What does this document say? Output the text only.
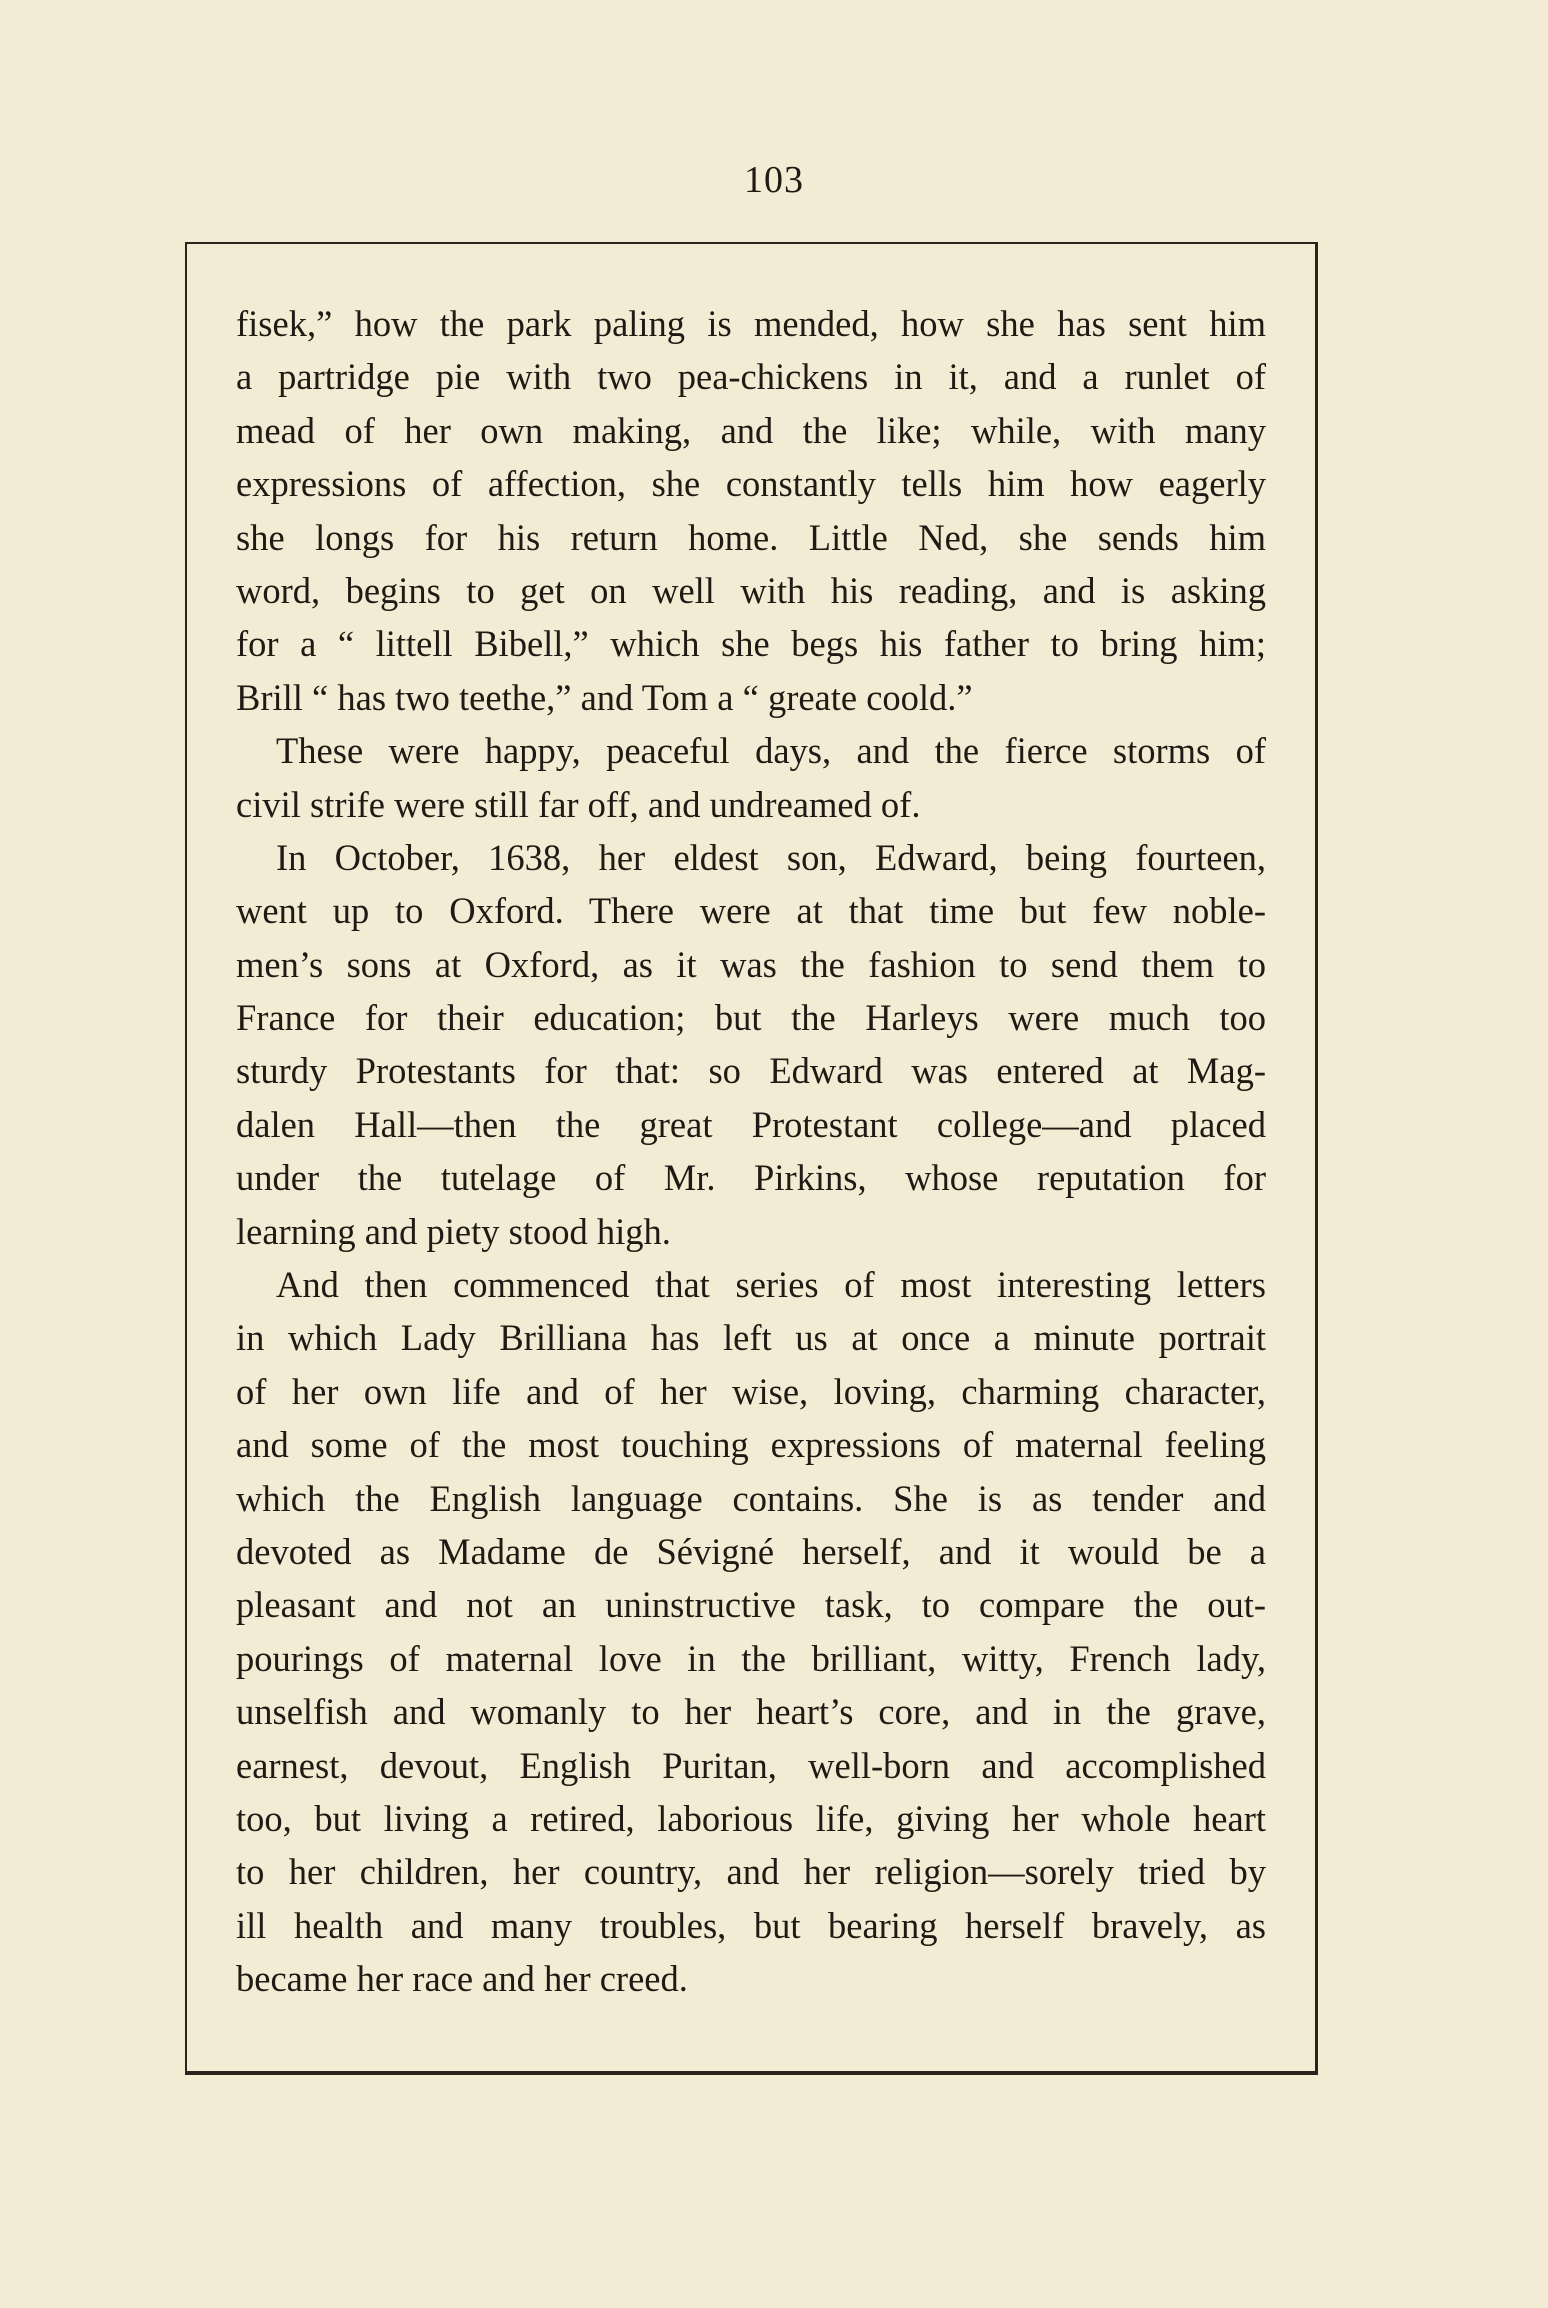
103
fisek,” how the park paling is mended, how she has sent him
a partridge pie with two pea-chickens in it, and a runlet of
mead of her own making, and the like; while, with many
expressions of affection, she constantly tells him how eagerly
she longs for his return home. Little Ned, she sends him
word, begins to get on well with his reading, and is asking
for a “ littell Bibell,” which she begs his father to bring him;
Brill “ has two teethe,” and Tom a “ greate coold.”
These were happy, peaceful days, and the fierce storms of
civil strife were still far off, and undreamed of.
In October, 1638, her eldest son, Edward, being fourteen,
went up to Oxford. There were at that time but few noble-
men’s sons at Oxford, as it was the fashion to send them to
France for their education; but the Harleys were much too
sturdy Protestants for that: so Edward was entered at Mag-
dalen Hall—then the great Protestant college—and placed
under the tutelage of Mr. Pirkins, whose reputation for
learning and piety stood high.
And then commenced that series of most interesting letters
in which Lady Brilliana has left us at once a minute portrait
of her own life and of her wise, loving, charming character,
and some of the most touching expressions of maternal feeling
which the English language contains. She is as tender and
devoted as Madame de Sévigné herself, and it would be a
pleasant and not an uninstructive task, to compare the out-
pourings of maternal love in the brilliant, witty, French lady,
unselfish and womanly to her heart’s core, and in the grave,
earnest, devout, English Puritan, well-born and accomplished
too, but living a retired, laborious life, giving her whole heart
to her children, her country, and her religion—sorely tried by
ill health and many troubles, but bearing herself bravely, as
became her race and her creed.
